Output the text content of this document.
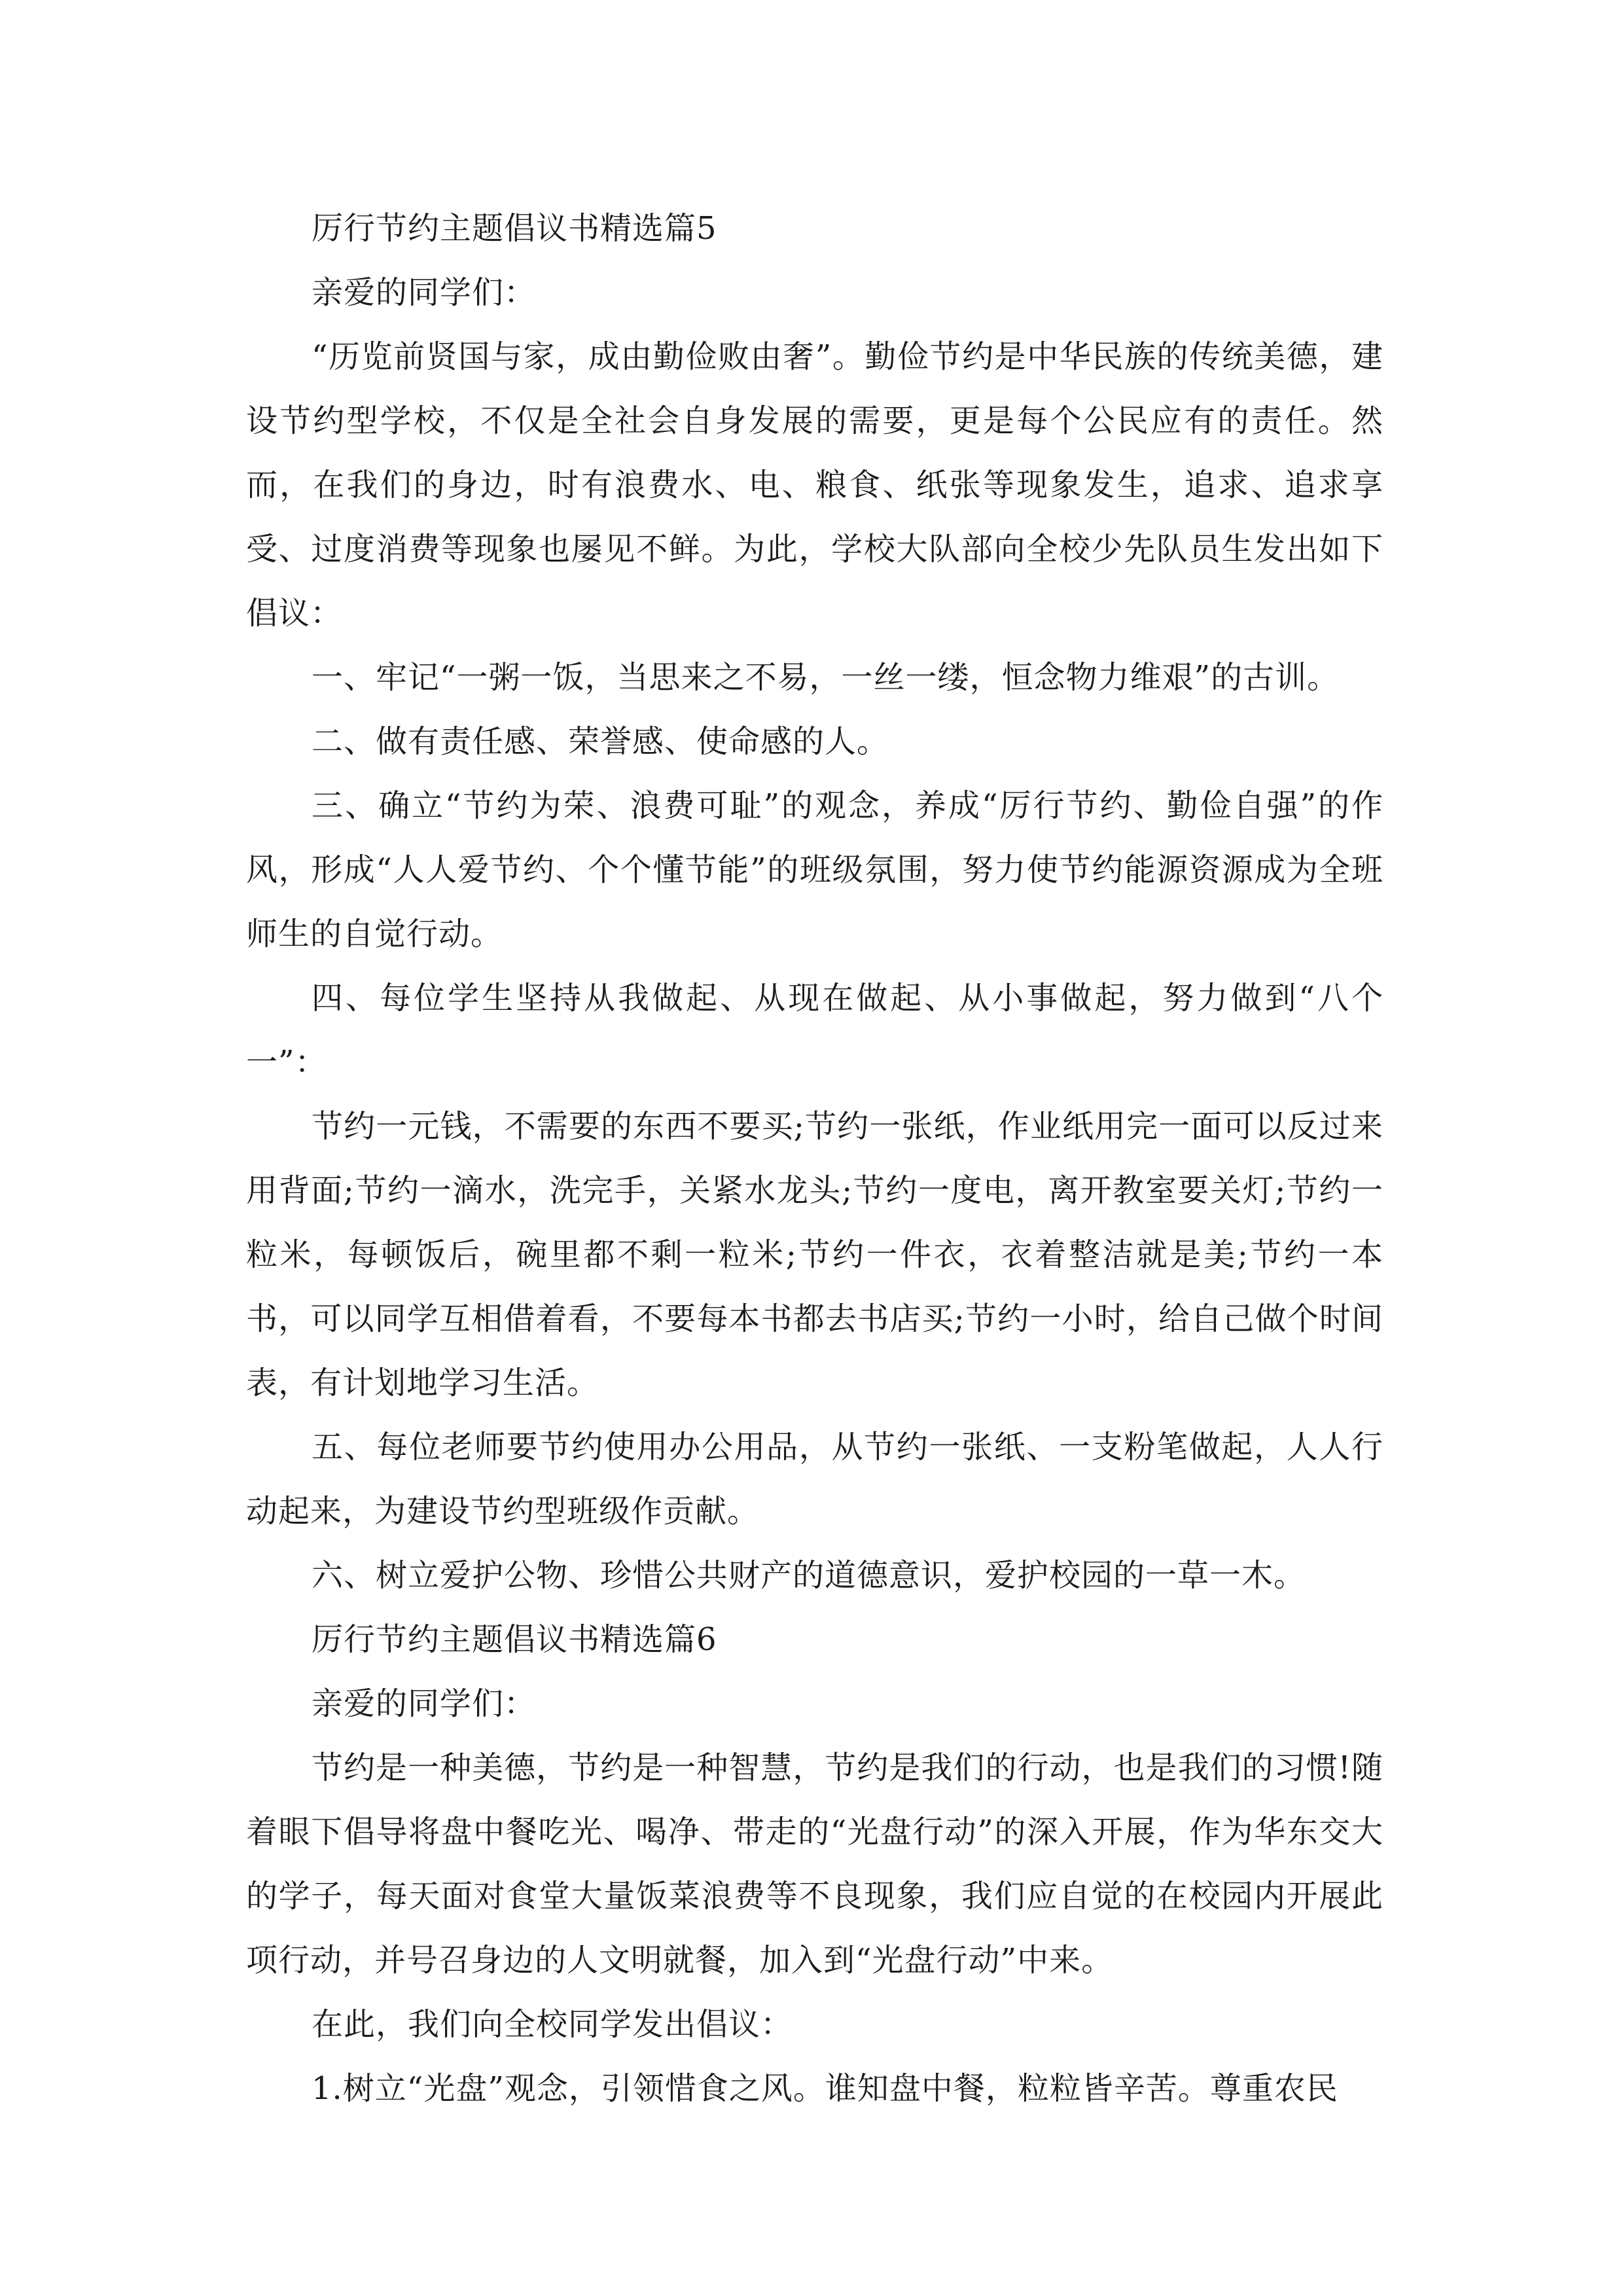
厉行节约主题倡议书精选篇5

亲爱的同学们：

“历览前贤国与家，成由勤俭败由奢”。勤俭节约是中华民族的传统美德，建设节约型学校，不仅是全社会自身发展的需要，更是每个公民应有的责任。然而，在我们的身边，时有浪费水、电、粮食、纸张等现象发生，追求、追求享受、过度消费等现象也屡见不鲜。为此，学校大队部向全校少先队员生发出如下倡议：

一、牢记“一粥一饭，当思来之不易，一丝一缕，恒念物力维艰”的古训。

二、做有责任感、荣誉感、使命感的人。

三、确立“节约为荣、浪费可耻”的观念，养成“厉行节约、勤俭自强”的作风，形成“人人爱节约、个个懂节能”的班级氛围，努力使节约能源资源成为全班师生的自觉行动。

四、每位学生坚持从我做起、从现在做起、从小事做起，努力做到“八个一”：

节约一元钱，不需要的东西不要买;节约一张纸，作业纸用完一面可以反过来用背面;节约一滴水，洗完手，关紧水龙头;节约一度电，离开教室要关灯;节约一粒米，每顿饭后，碗里都不剩一粒米;节约一件衣，衣着整洁就是美;节约一本书，可以同学互相借着看，不要每本书都去书店买;节约一小时，给自己做个时间表，有计划地学习生活。

五、每位老师要节约使用办公用品，从节约一张纸、一支粉笔做起，人人行动起来，为建设节约型班级作贡献。

六、树立爱护公物、珍惜公共财产的道德意识，爱护校园的一草一木。

厉行节约主题倡议书精选篇6

亲爱的同学们：

节约是一种美德，节约是一种智慧，节约是我们的行动，也是我们的习惯!随着眼下倡导将盘中餐吃光、喝净、带走的“光盘行动”的深入开展，作为华东交大的学子，每天面对食堂大量饭菜浪费等不良现象，我们应自觉的在校园内开展此项行动，并号召身边的人文明就餐，加入到“光盘行动”中来。

在此，我们向全校同学发出倡议：

1.树立“光盘”观念，引领惜食之风。谁知盘中餐，粒粒皆辛苦。尊重农民
